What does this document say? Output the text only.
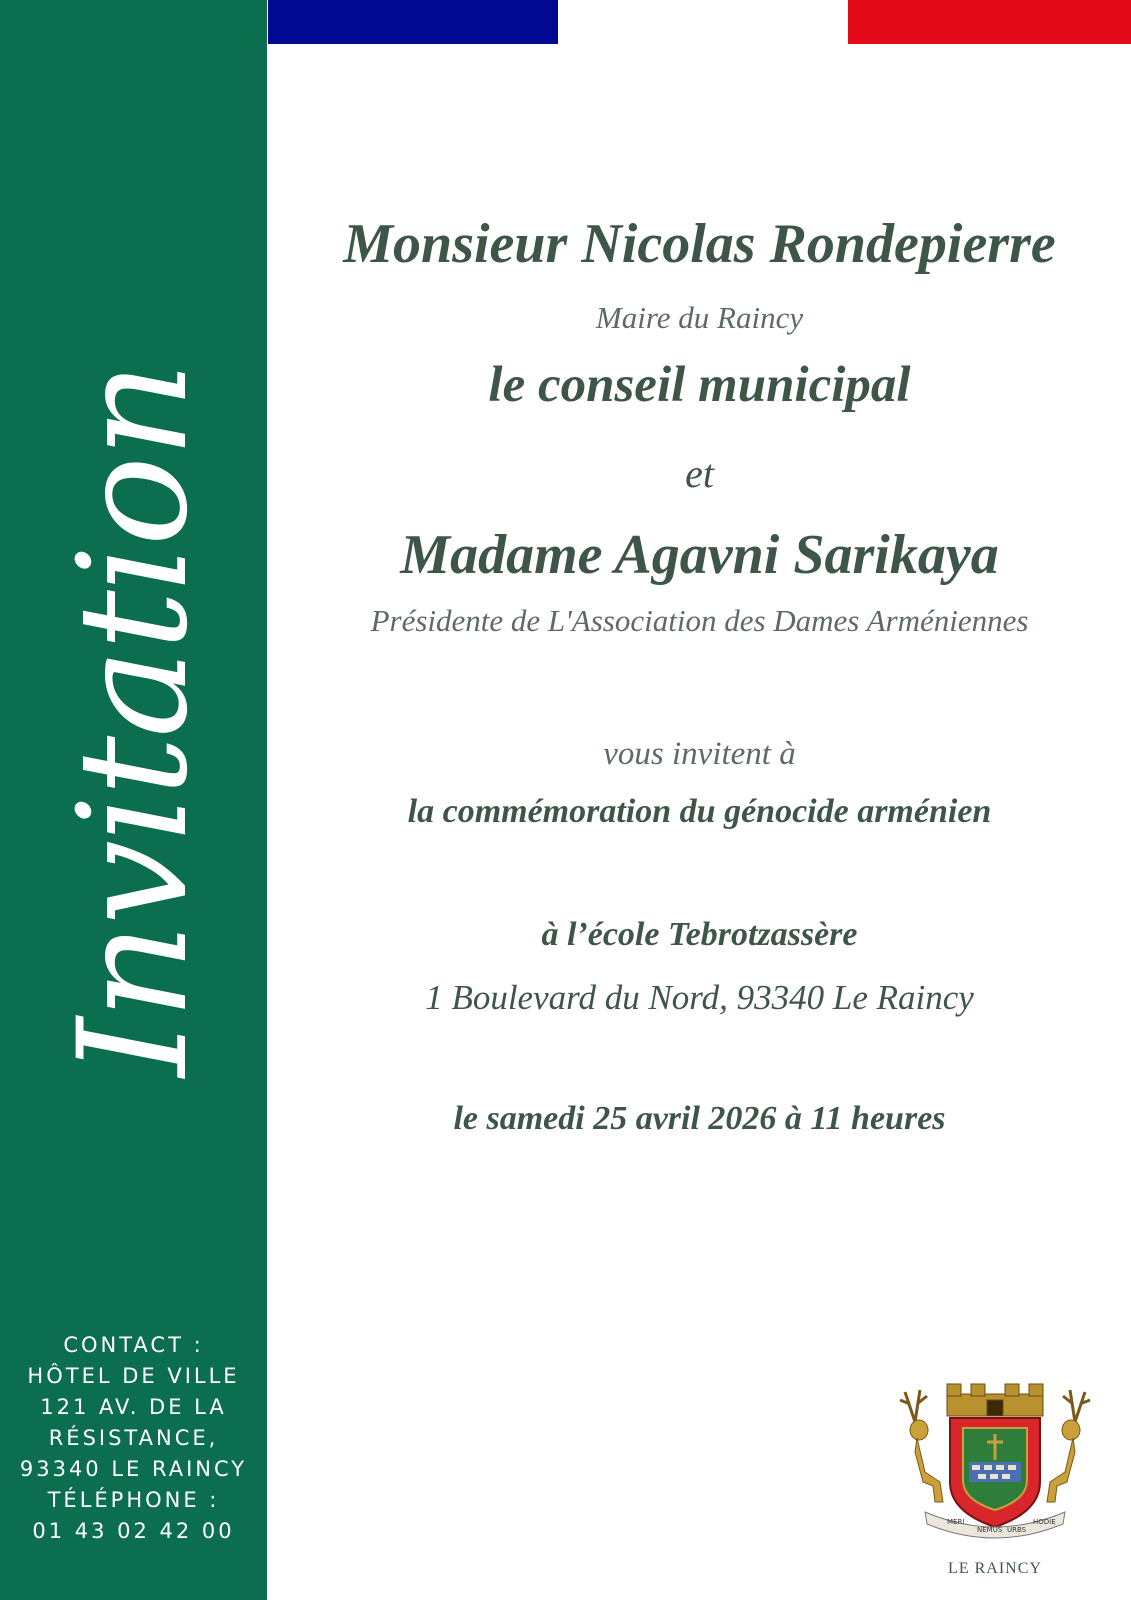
Invitation
CONTACT :
HÔTEL DE VILLE
121 AV. DE LA
RÉSISTANCE,
93340 LE RAINCY
TÉLÉPHONE :
01 43 02 42 00
Monsieur Nicolas Rondepierre
Maire du Raincy
le conseil municipal
et
Madame Agavni Sarikaya
Présidente de L'Association des Dames Arméniennes
vous invitent à
la commémoration du génocide arménien
à l’école Tebrotzassère
1 Boulevard du Nord, 93340 Le Raincy
le samedi 25 avril 2026 à 11 heures
MERI
NEMUS URBS
HODIE
LE RAINCY
